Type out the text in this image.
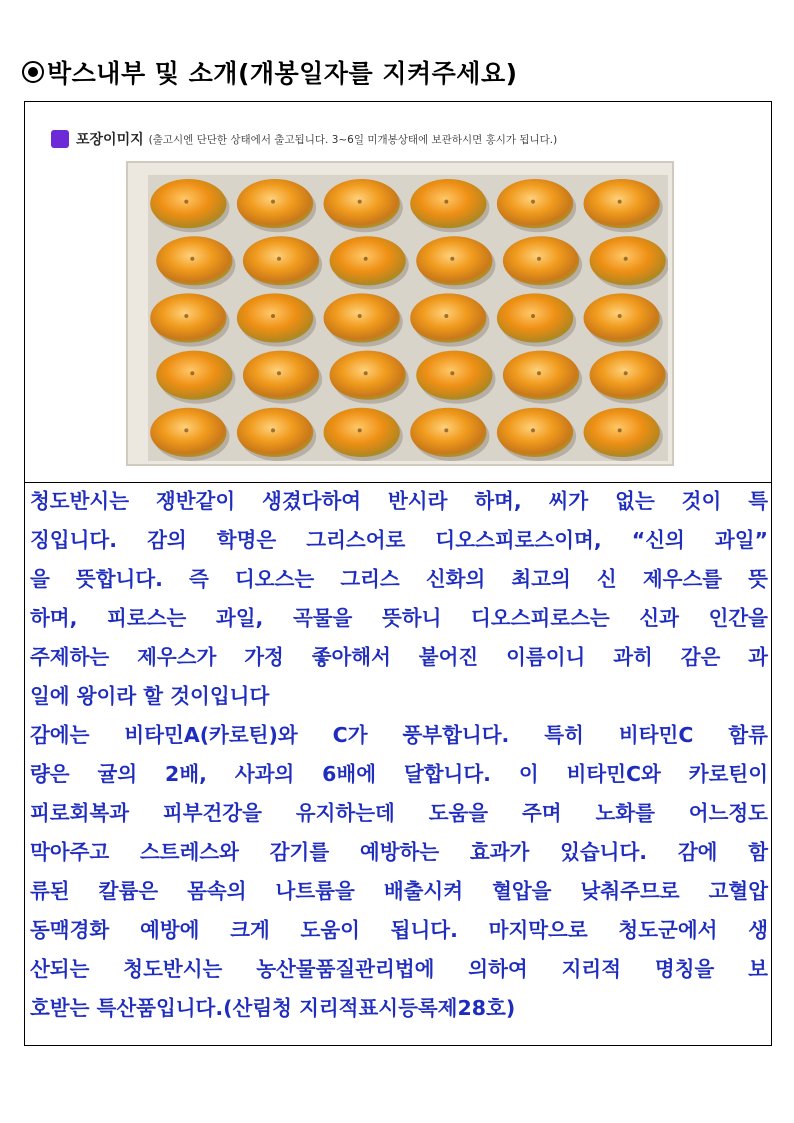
박스내부 및 소개(개봉일자를 지켜주세요)
포장이미지 (출고시엔 단단한 상태에서 출고됩니다. 3~6일 미개봉상태에 보관하시면 홍시가 됩니다.)
청도반시는 쟁반같이 생겼다하여 반시라 하며, 씨가 없는 것이 특
징입니다. 감의 학명은 그리스어로 디오스피로스이며, “신의 과일”
을 뜻합니다. 즉 디오스는 그리스 신화의 최고의 신 제우스를 뜻
하며, 피로스는 과일, 곡물을 뜻하니 디오스피로스는 신과 인간을
주제하는 제우스가 가정 좋아해서 붙어진 이름이니 과히 감은 과
일에 왕이라 할 것이입니다
감에는 비타민A(카로틴)와 C가 풍부합니다. 특히 비타민C 함류
량은 귤의 2배, 사과의 6배에 달합니다. 이 비타민C와 카로틴이
피로회복과 피부건강을 유지하는데 도움을 주며 노화를 어느정도
막아주고 스트레스와 감기를 예방하는 효과가 있습니다. 감에 함
류된 칼륨은 몸속의 나트륨을 배출시켜 혈압을 낮춰주므로 고혈압
동맥경화 예방에 크게 도움이 됩니다. 마지막으로 청도군에서 생
산되는 청도반시는 농산물품질관리법에 의하여 지리적 명칭을 보
호받는 특산품입니다.(산림청 지리적표시등록제28호)
